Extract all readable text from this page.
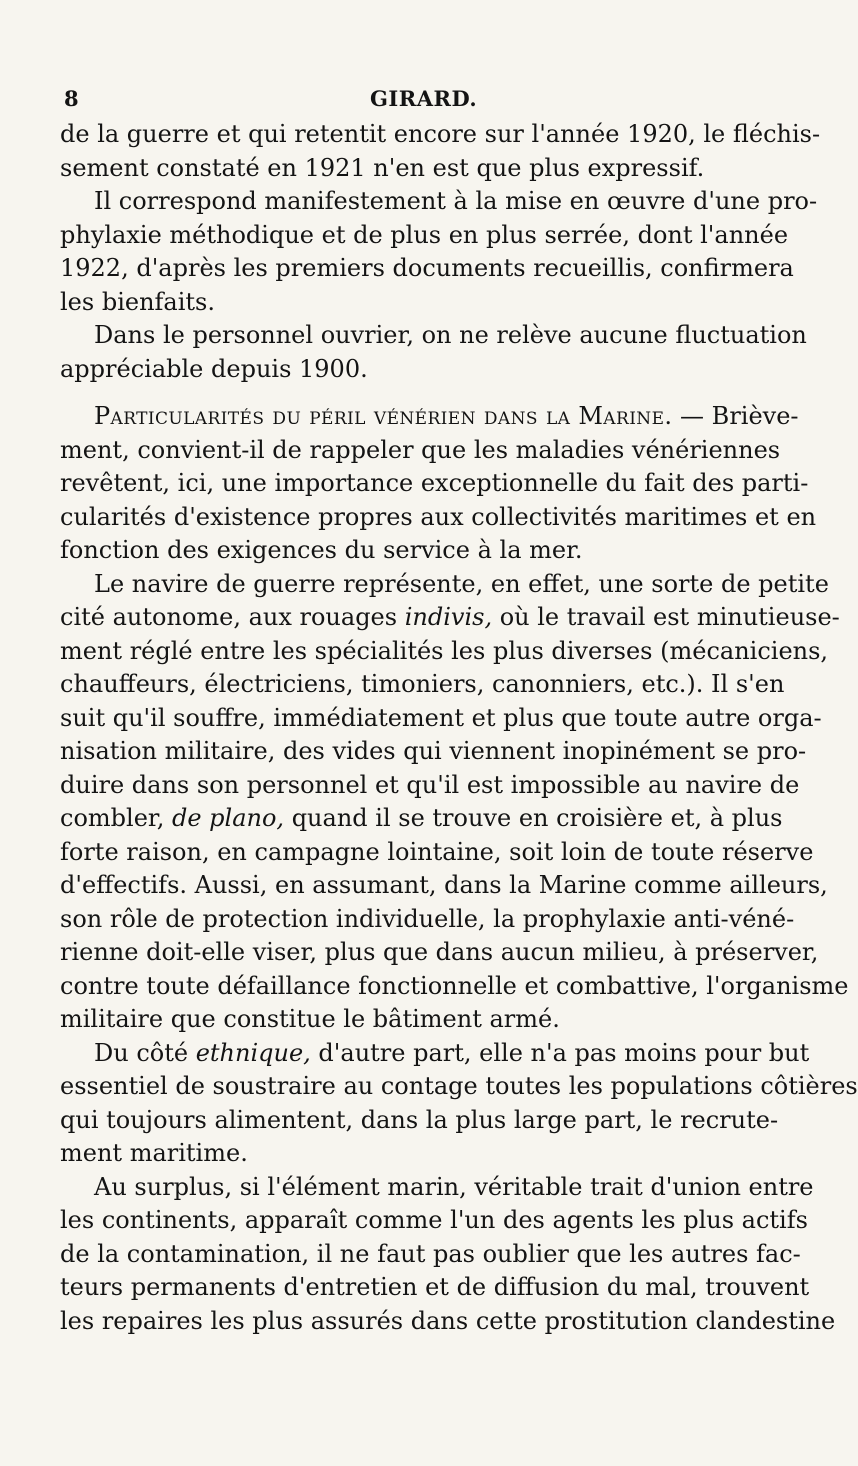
8	GIRARD.
de la guerre et qui retentit encore sur l'année 1920, le fléchis-
sement constaté en 1921 n'en est que plus expressif.
Il correspond manifestement à la mise en œuvre d'une pro-
phylaxie méthodique et de plus en plus serrée, dont l'année
1922, d'après les premiers documents recueillis, confirmera
les bienfaits.
Dans le personnel ouvrier, on ne relève aucune fluctuation
appréciable depuis 1900.
Particularités du péril vénérien dans la Marine. — Briève-
ment, convient-il de rappeler que les maladies vénériennes
revêtent, ici, une importance exceptionnelle du fait des parti-
cularités d'existence propres aux collectivités maritimes et en
fonction des exigences du service à la mer.
Le navire de guerre représente, en effet, une sorte de petite
cité autonome, aux rouages indivis, où le travail est minutieuse-
ment réglé entre les spécialités les plus diverses (mécaniciens,
chauffeurs, électriciens, timoniers, canonniers, etc.). Il s'en
suit qu'il souffre, immédiatement et plus que toute autre orga-
nisation militaire, des vides qui viennent inopinément se pro-
duire dans son personnel et qu'il est impossible au navire de
combler, de plano, quand il se trouve en croisière et, à plus
forte raison, en campagne lointaine, soit loin de toute réserve
d'effectifs. Aussi, en assumant, dans la Marine comme ailleurs,
son rôle de protection individuelle, la prophylaxie anti-véné-
rienne doit-elle viser, plus que dans aucun milieu, à préserver,
contre toute défaillance fonctionnelle et combattive, l'organisme
militaire que constitue le bâtiment armé.
Du côté ethnique, d'autre part, elle n'a pas moins pour but
essentiel de soustraire au contage toutes les populations côtières
qui toujours alimentent, dans la plus large part, le recrute-
ment maritime.
Au surplus, si l'élément marin, véritable trait d'union entre
les continents, apparaît comme l'un des agents les plus actifs
de la contamination, il ne faut pas oublier que les autres fac-
teurs permanents d'entretien et de diffusion du mal, trouvent
les repaires les plus assurés dans cette prostitution clandestine
